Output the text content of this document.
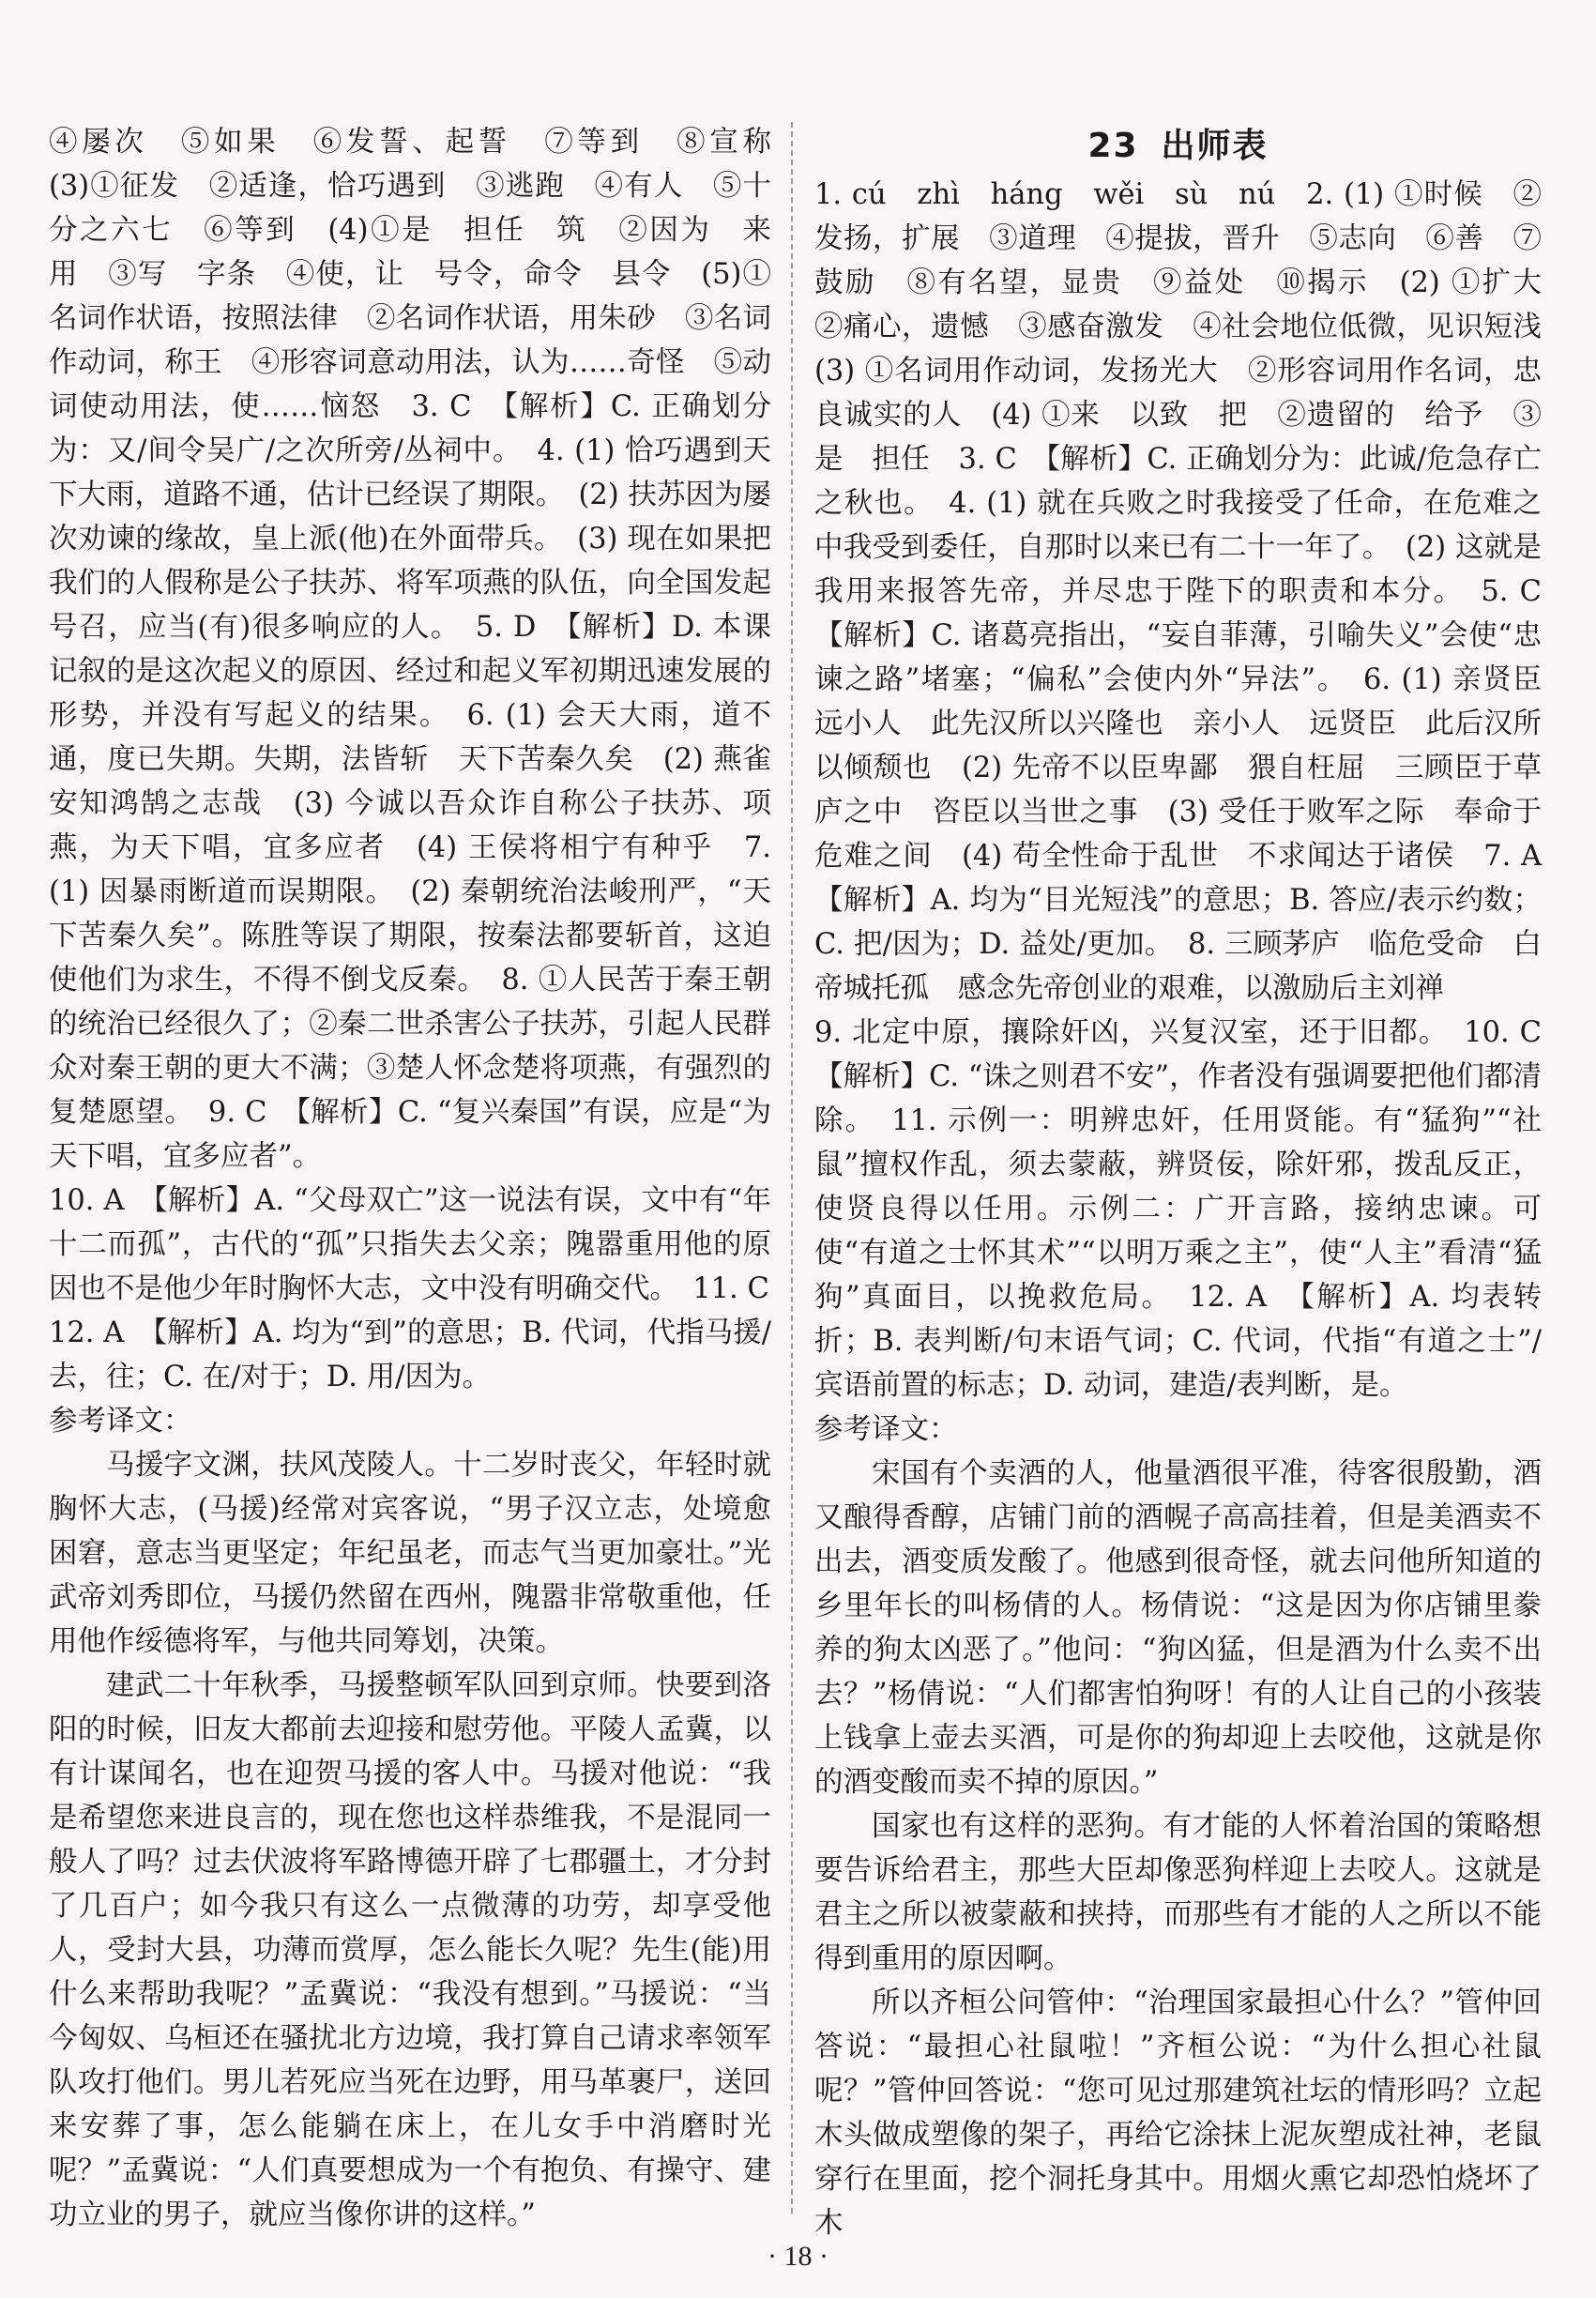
④屡次　⑤如果　⑥发誓、起誓　⑦等到　⑧宣称　(3)①征发　②适逢，恰巧遇到　③逃跑　④有人　⑤十分之六七　⑥等到　(4)①是　担任　筑　②因为　来　用　③写　字条　④使，让　号令，命令　县令　(5)①名词作状语，按照法律　②名词作状语，用朱砂　③名词作动词，称王　④形容词意动用法，认为……奇怪　⑤动词使动用法，使……恼怒　3. C　【解析】C. 正确划分为：又/间令吴广/之次所旁/丛祠中。　4. (1) 恰巧遇到天下大雨，道路不通，估计已经误了期限。　(2) 扶苏因为屡次劝谏的缘故，皇上派(他)在外面带兵。　(3) 现在如果把我们的人假称是公子扶苏、将军项燕的队伍，向全国发起号召，应当(有)很多响应的人。　5. D　【解析】D. 本课记叙的是这次起义的原因、经过和起义军初期迅速发展的形势，并没有写起义的结果。　6. (1) 会天大雨，道不通，度已失期。失期，法皆斩　天下苦秦久矣　(2) 燕雀安知鸿鹄之志哉　(3) 今诚以吾众诈自称公子扶苏、项燕，为天下唱，宜多应者　(4) 王侯将相宁有种乎　7. (1) 因暴雨断道而误期限。　(2) 秦朝统治法峻刑严，“天下苦秦久矣”。陈胜等误了期限，按秦法都要斩首，这迫使他们为求生，不得不倒戈反秦。　8. ①人民苦于秦王朝的统治已经很久了；②秦二世杀害公子扶苏，引起人民群众对秦王朝的更大不满；③楚人怀念楚将项燕，有强烈的复楚愿望。　9. C　【解析】C. “复兴秦国”有误，应是“为天下唱，宜多应者”。

10. A　【解析】A. “父母双亡”这一说法有误，文中有“年十二而孤”，古代的“孤”只指失去父亲；隗嚣重用他的原因也不是他少年时胸怀大志，文中没有明确交代。　11. C

12. A　【解析】A. 均为“到”的意思；B. 代词，代指马援/去，往；C. 在/对于；D. 用/因为。

参考译文：

马援字文渊，扶风茂陵人。十二岁时丧父，年轻时就胸怀大志，(马援)经常对宾客说，“男子汉立志，处境愈困窘，意志当更坚定；年纪虽老，而志气当更加豪壮。”光武帝刘秀即位，马援仍然留在西州，隗嚣非常敬重他，任用他作绥德将军，与他共同筹划，决策。

建武二十年秋季，马援整顿军队回到京师。快要到洛阳的时候，旧友大都前去迎接和慰劳他。平陵人孟冀，以有计谋闻名，也在迎贺马援的客人中。马援对他说：“我是希望您来进良言的，现在您也这样恭维我，不是混同一般人了吗？过去伏波将军路博德开辟了七郡疆土，才分封了几百户；如今我只有这么一点微薄的功劳，却享受他人，受封大县，功薄而赏厚，怎么能长久呢？先生(能)用什么来帮助我呢？”孟冀说：“我没有想到。”马援说：“当今匈奴、乌桓还在骚扰北方边境，我打算自己请求率领军队攻打他们。男儿若死应当死在边野，用马革裹尸，送回来安葬了事，怎么能躺在床上，在儿女手中消磨时光呢？”孟冀说：“人们真要想成为一个有抱负、有操守、建功立业的男子，就应当像你讲的这样。”

23 出师表

1. cú　zhì　háng　wěi　sù　nú　2. (1) ①时候　②发扬，扩展　③道理　④提拔，晋升　⑤志向　⑥善　⑦鼓励　⑧有名望，显贵　⑨益处　⑩揭示　(2) ①扩大　②痛心，遗憾　③感奋激发　④社会地位低微，见识短浅　(3) ①名词用作动词，发扬光大　②形容词用作名词，忠良诚实的人　(4) ①来　以致　把　②遗留的　给予　③是　担任　3. C　【解析】C. 正确划分为：此诚/危急存亡之秋也。　4. (1) 就在兵败之时我接受了任命，在危难之中我受到委任，自那时以来已有二十一年了。　(2) 这就是我用来报答先帝，并尽忠于陛下的职责和本分。　5. C　【解析】C. 诸葛亮指出，“妄自菲薄，引喻失义”会使“忠谏之路”堵塞；“偏私”会使内外“异法”。　6. (1) 亲贤臣　远小人　此先汉所以兴隆也　亲小人　远贤臣　此后汉所以倾颓也　(2) 先帝不以臣卑鄙　猥自枉屈　三顾臣于草庐之中　咨臣以当世之事　(3) 受任于败军之际　奉命于危难之间　(4) 苟全性命于乱世　不求闻达于诸侯　7. A　【解析】A. 均为“目光短浅”的意思；B. 答应/表示约数；C. 把/因为；D. 益处/更加。　8. 三顾茅庐　临危受命　白帝城托孤　感念先帝创业的艰难，以激励后主刘禅

9. 北定中原，攘除奸凶，兴复汉室，还于旧都。　10. C　【解析】C. “诛之则君不安”，作者没有强调要把他们都清除。　11. 示例一：明辨忠奸，任用贤能。有“猛狗”“社鼠”擅权作乱，须去蒙蔽，辨贤佞，除奸邪，拨乱反正，使贤良得以任用。示例二：广开言路，接纳忠谏。可使“有道之士怀其术”“以明万乘之主”，使“人主”看清“猛狗”真面目，以挽救危局。　12. A　【解析】A. 均表转折；B. 表判断/句末语气词；C. 代词，代指“有道之士”/宾语前置的标志；D. 动词，建造/表判断，是。

参考译文：

宋国有个卖酒的人，他量酒很平准，待客很殷勤，酒又酿得香醇，店铺门前的酒幌子高高挂着，但是美酒卖不出去，酒变质发酸了。他感到很奇怪，就去问他所知道的乡里年长的叫杨倩的人。杨倩说：“这是因为你店铺里豢养的狗太凶恶了。”他问：“狗凶猛，但是酒为什么卖不出去？”杨倩说：“人们都害怕狗呀！有的人让自己的小孩装上钱拿上壶去买酒，可是你的狗却迎上去咬他，这就是你的酒变酸而卖不掉的原因。”

国家也有这样的恶狗。有才能的人怀着治国的策略想要告诉给君主，那些大臣却像恶狗样迎上去咬人。这就是君主之所以被蒙蔽和挟持，而那些有才能的人之所以不能得到重用的原因啊。

所以齐桓公问管仲：“治理国家最担心什么？”管仲回答说：“最担心社鼠啦！”齐桓公说：“为什么担心社鼠呢？”管仲回答说：“您可见过那建筑社坛的情形吗？立起木头做成塑像的架子，再给它涂抹上泥灰塑成社神，老鼠穿行在里面，挖个洞托身其中。用烟火熏它却恐怕烧坏了木

· 18 ·
